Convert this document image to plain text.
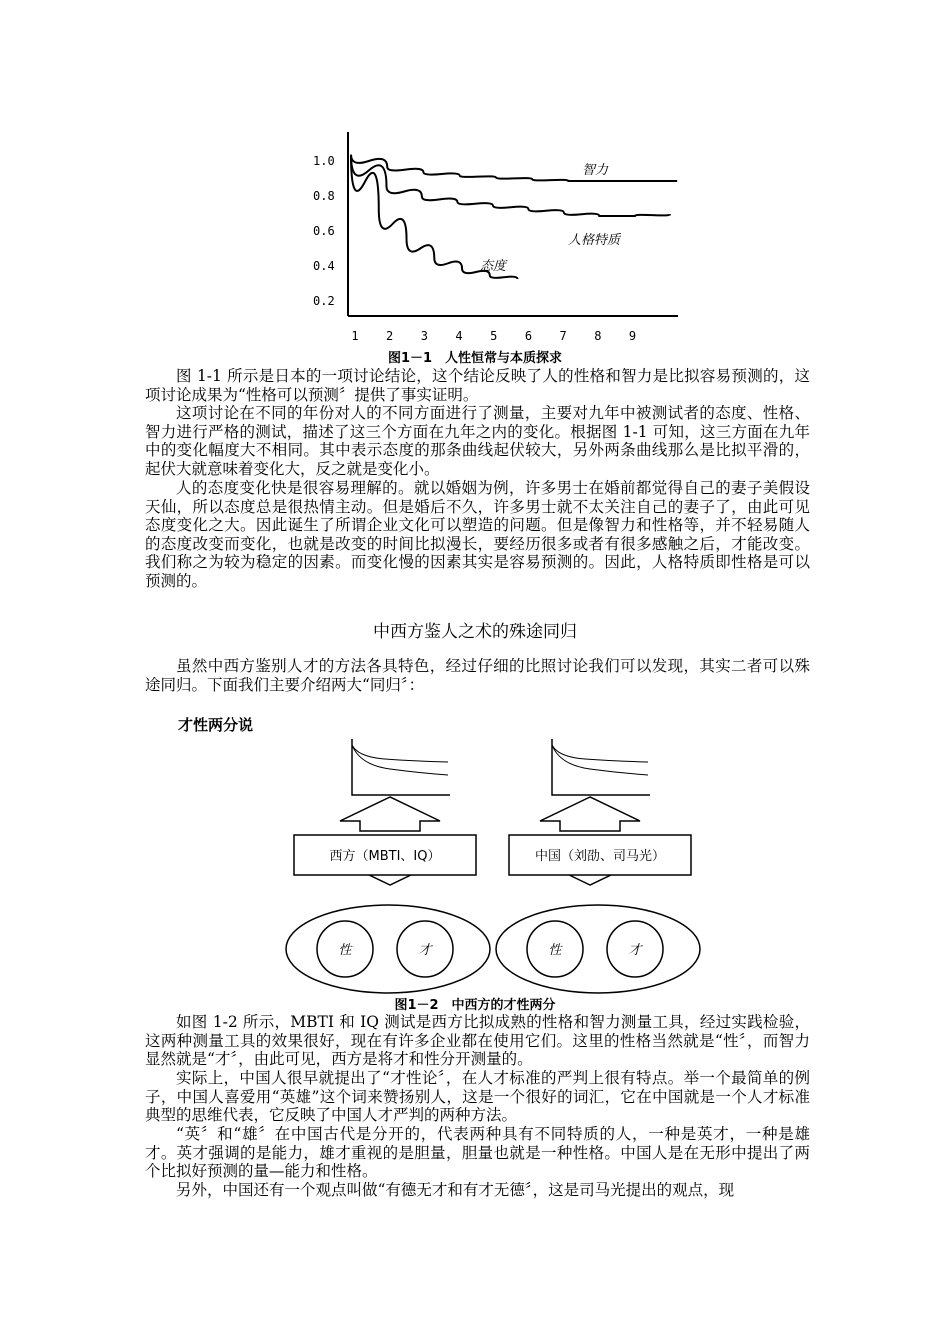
1.0
0.8
0.6
0.4
0.2
1 2 3 4 5 6 7 8 9
智力
人格特质
态度
图1－1　人性恒常与本质探求

图 1-1 所示是日本的一项讨论结论，这个结论反映了人的性格和智力是比拟容易预测的，这项讨论成果为“性格可以预测〞提供了事实证明。

这项讨论在不同的年份对人的不同方面进行了测量，主要对九年中被测试者的态度、性格、智力进行严格的测试，描述了这三个方面在九年之内的变化。根据图 1-1 可知，这三方面在九年中的变化幅度大不相同。其中表示态度的那条曲线起伏较大，另外两条曲线那么是比拟平滑的，起伏大就意味着变化大，反之就是变化小。

人的态度变化快是很容易理解的。就以婚姻为例，许多男士在婚前都觉得自己的妻子美假设天仙，所以态度总是很热情主动。但是婚后不久，许多男士就不太关注自己的妻子了，由此可见态度变化之大。因此诞生了所谓企业文化可以塑造的问题。但是像智力和性格等，并不轻易随人的态度改变而变化，也就是改变的时间比拟漫长，要经历很多或者有很多感触之后，才能改变。我们称之为较为稳定的因素。而变化慢的因素其实是容易预测的。因此，人格特质即性格是可以预测的。

中西方鉴人之术的殊途同归

虽然中西方鉴别人才的方法各具特色，经过仔细的比照讨论我们可以发现，其实二者可以殊途同归。下面我们主要介绍两大“同归〞：

才性两分说
西方（MBTI、IQ）	中国（刘劭、司马光）
性	才	性	才
图1－2　中西方的才性两分

如图 1-2 所示，MBTI 和 IQ 测试是西方比拟成熟的性格和智力测量工具，经过实践检验，这两种测量工具的效果很好，现在有许多企业都在使用它们。这里的性格当然就是“性〞，而智力显然就是“才〞，由此可见，西方是将才和性分开测量的。

实际上，中国人很早就提出了“才性论〞，在人才标准的严判上很有特点。举一个最简单的例子，中国人喜爱用“英雄”这个词来赞扬别人，这是一个很好的词汇，它在中国就是一个人才标准典型的思维代表，它反映了中国人才严判的两种方法。

“英〞和“雄〞在中国古代是分开的，代表两种具有不同特质的人，一种是英才，一种是雄才。英才强调的是能力，雄才重视的是胆量，胆量也就是一种性格。中国人是在无形中提出了两个比拟好预测的量—能力和性格。

另外，中国还有一个观点叫做“有德无才和有才无德〞，这是司马光提出的观点，现
